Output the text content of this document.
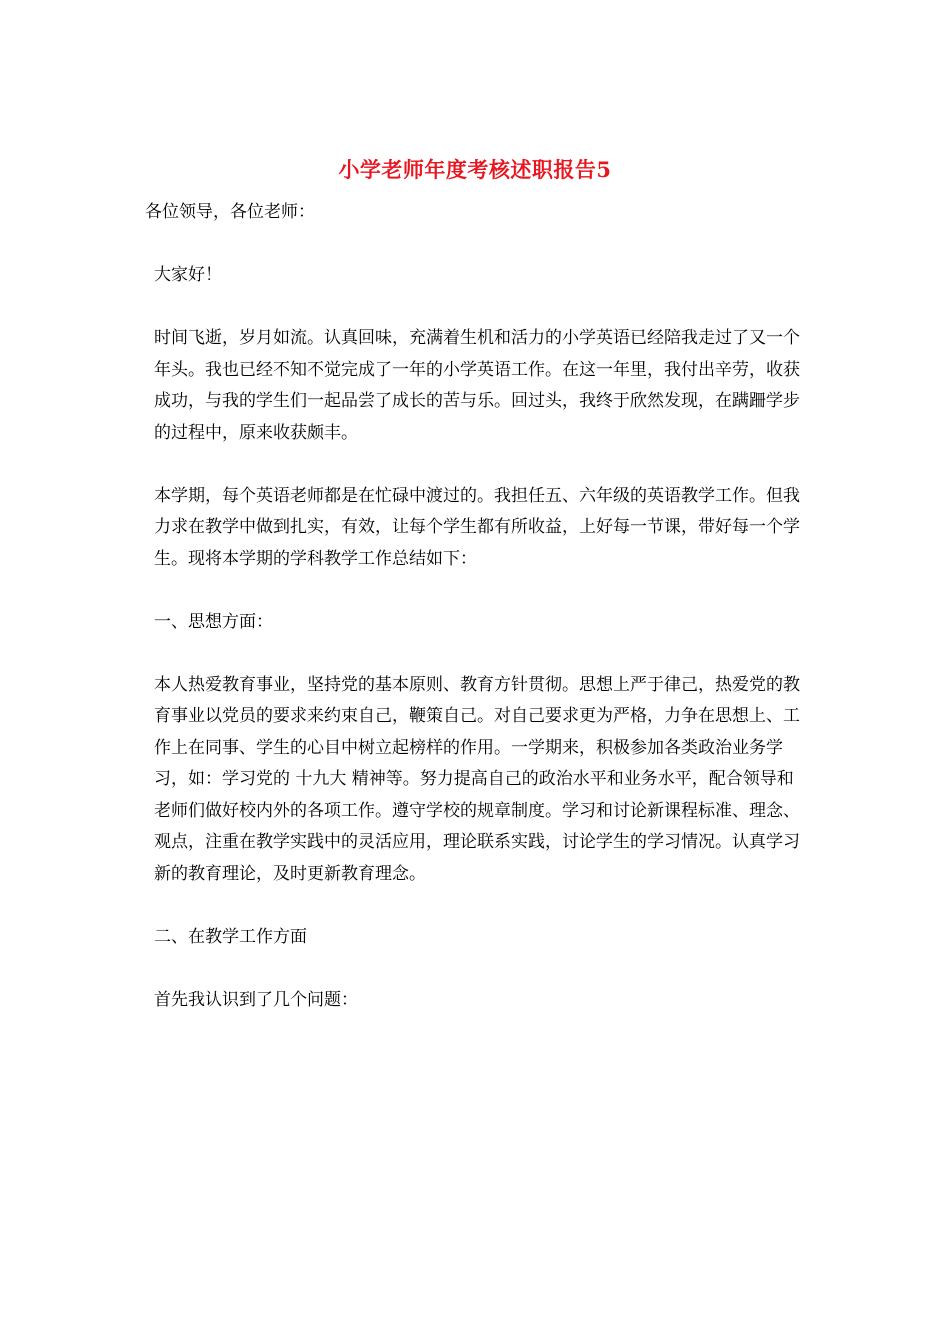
小学老师年度考核述职报告5

各位领导，各位老师：

大家好！

时间飞逝，岁月如流。认真回味，充满着生机和活力的小学英语已经陪我走过了又一个年头。我也已经不知不觉完成了一年的小学英语工作。在这一年里，我付出辛劳，收获成功，与我的学生们一起品尝了成长的苦与乐。回过头，我终于欣然发现，在蹒跚学步的过程中，原来收获颇丰。

本学期，每个英语老师都是在忙碌中渡过的。我担任五、六年级的英语教学工作。但我力求在教学中做到扎实，有效，让每个学生都有所收益，上好每一节课，带好每一个学生。现将本学期的学科教学工作总结如下：

一、思想方面：

本人热爱教育事业，坚持党的基本原则、教育方针贯彻。思想上严于律己，热爱党的教育事业以党员的要求来约束自己，鞭策自己。对自己要求更为严格，力争在思想上、工作上在同事、学生的心目中树立起榜样的作用。一学期来，积极参加各类政治业务学习，如：学习党的 十九大 精神等。努力提高自己的政治水平和业务水平，配合领导和老师们做好校内外的各项工作。遵守学校的规章制度。学习和讨论新课程标准、理念、观点，注重在教学实践中的灵活应用，理论联系实践，讨论学生的学习情况。认真学习新的教育理论，及时更新教育理念。

二、在教学工作方面

首先我认识到了几个问题：
